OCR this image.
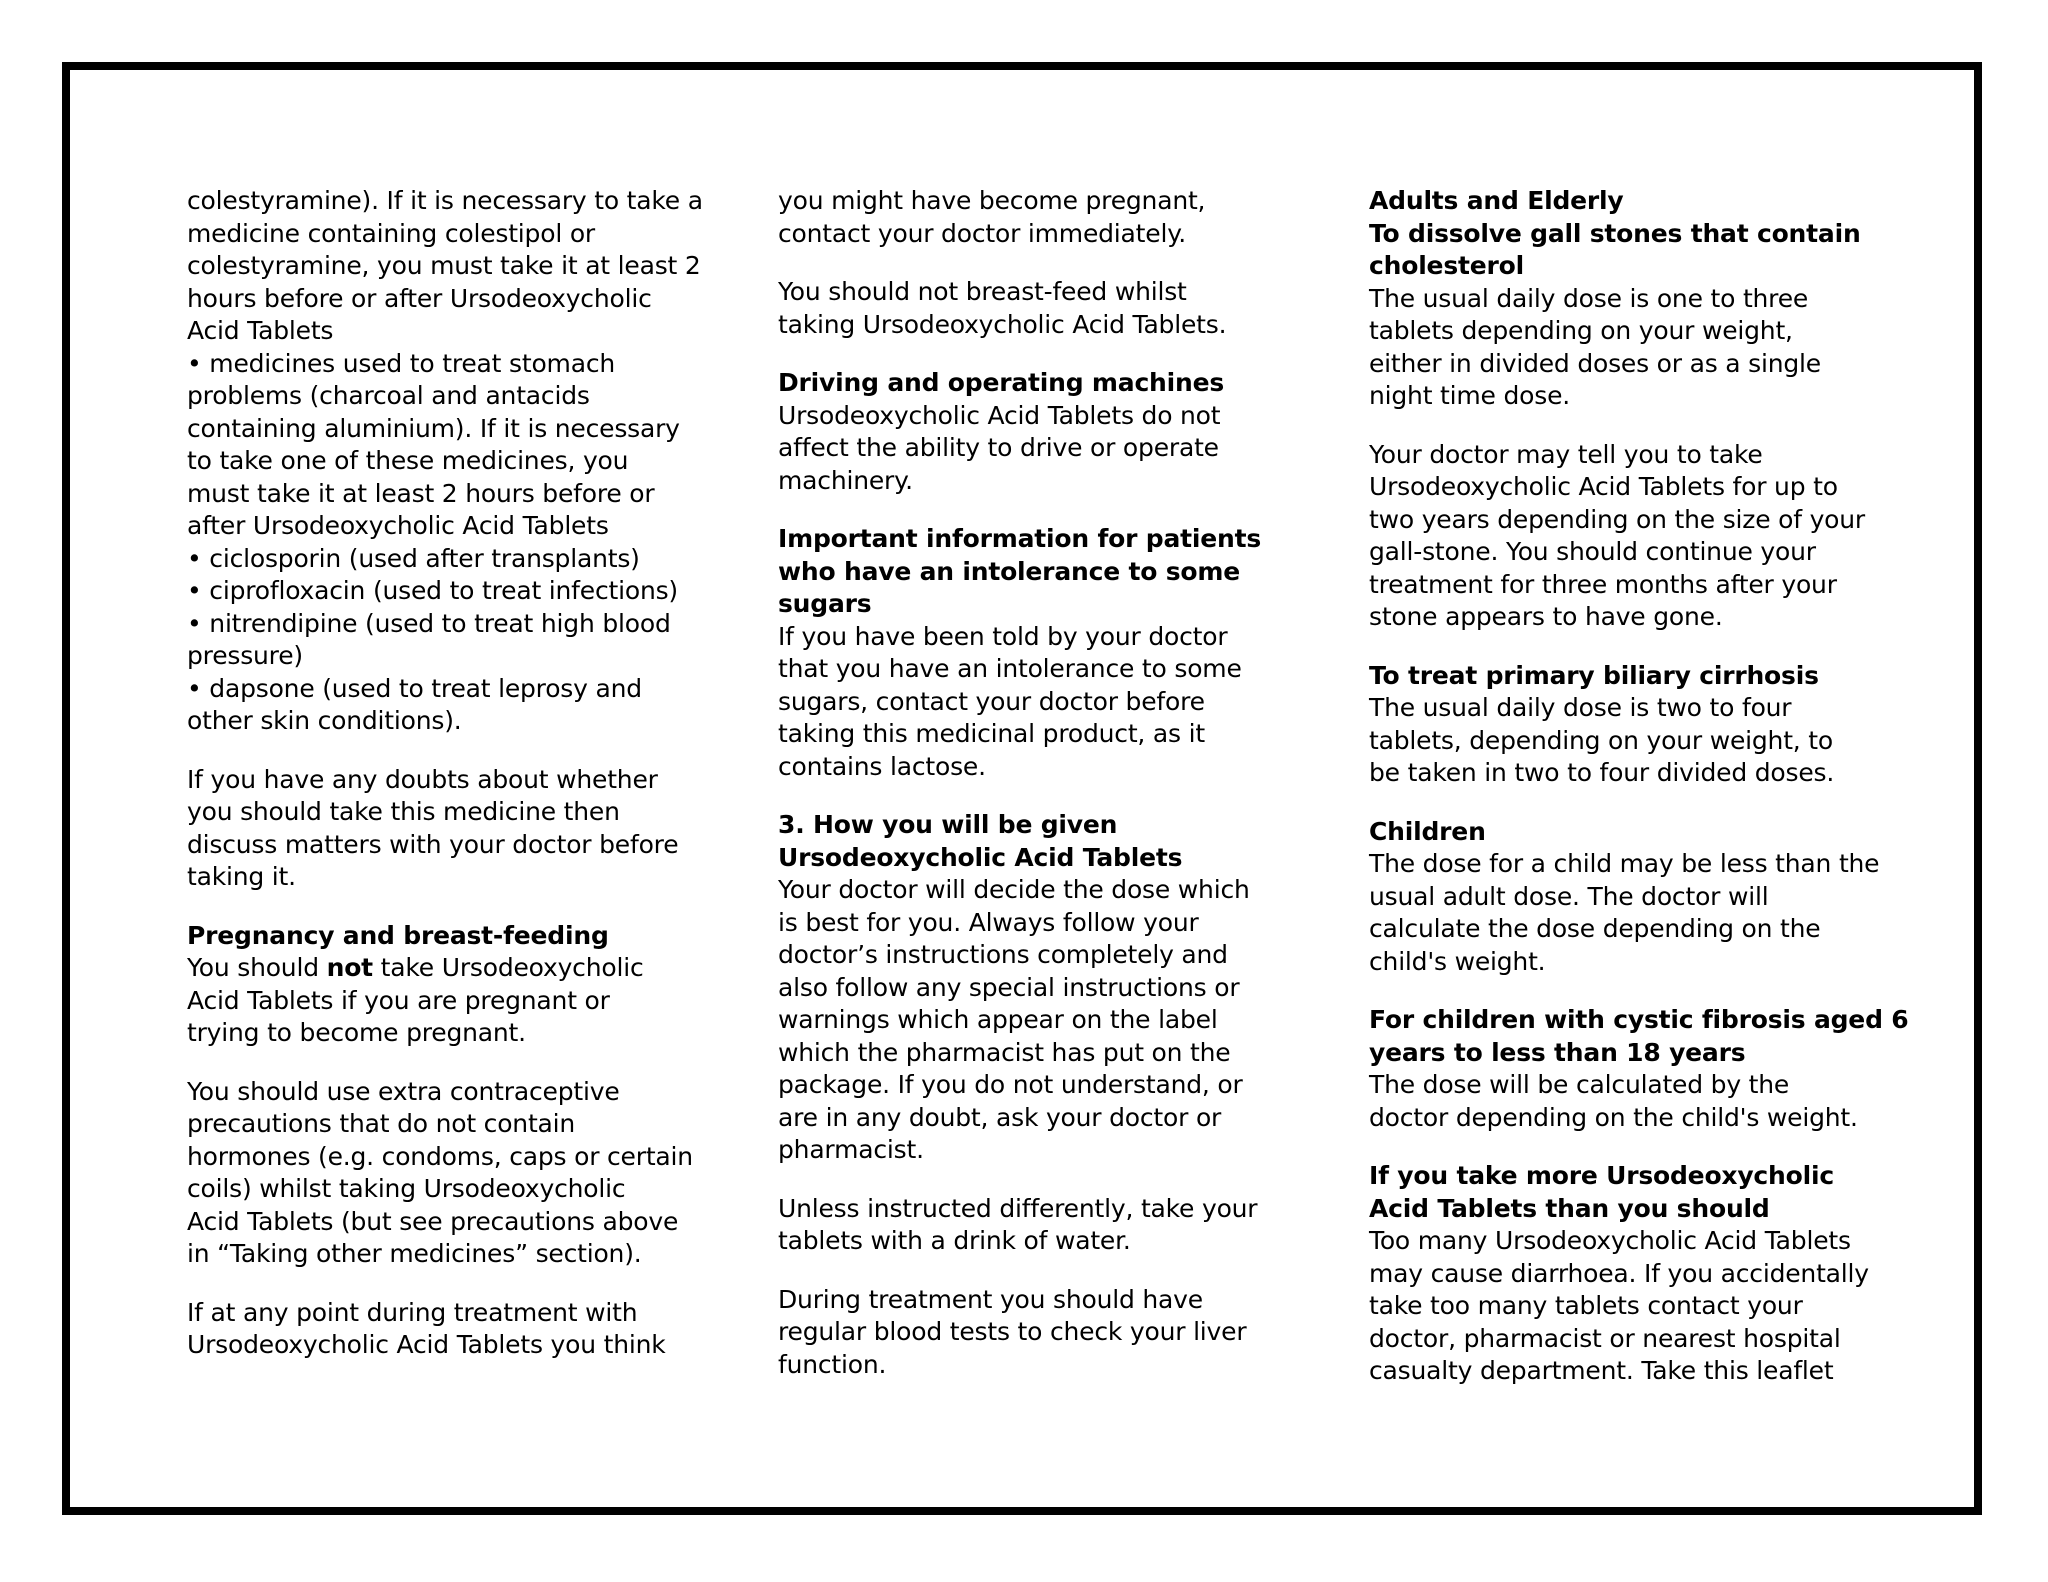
colestyramine). If it is necessary to take a
medicine containing colestipol or
colestyramine, you must take it at least 2
hours before or after Ursodeoxycholic
Acid Tablets
• medicines used to treat stomach
problems (charcoal and antacids
containing aluminium). If it is necessary
to take one of these medicines, you
must take it at least 2 hours before or
after Ursodeoxycholic Acid Tablets
• ciclosporin (used after transplants)
• ciprofloxacin (used to treat infections)
• nitrendipine (used to treat high blood
pressure)
• dapsone (used to treat leprosy and
other skin conditions).

If you have any doubts about whether
you should take this medicine then
discuss matters with your doctor before
taking it.

Pregnancy and breast-feeding

You should not take Ursodeoxycholic
Acid Tablets if you are pregnant or
trying to become pregnant.

You should use extra contraceptive
precautions that do not contain
hormones (e.g. condoms, caps or certain
coils) whilst taking Ursodeoxycholic
Acid Tablets (but see precautions above
in “Taking other medicines” section).

If at any point during treatment with
Ursodeoxycholic Acid Tablets you think

you might have become pregnant,
contact your doctor immediately.

You should not breast-feed whilst
taking Ursodeoxycholic Acid Tablets.

Driving and operating machines

Ursodeoxycholic Acid Tablets do not
affect the ability to drive or operate
machinery.

Important information for patients
who have an intolerance to some
sugars

If you have been told by your doctor
that you have an intolerance to some
sugars, contact your doctor before
taking this medicinal product, as it
contains lactose.

3. How you will be given
Ursodeoxycholic Acid Tablets

Your doctor will decide the dose which
is best for you. Always follow your
doctor’s instructions completely and
also follow any special instructions or
warnings which appear on the label
which the pharmacist has put on the
package. If you do not understand, or
are in any doubt, ask your doctor or
pharmacist.

Unless instructed differently, take your
tablets with a drink of water.

During treatment you should have
regular blood tests to check your liver
function.

Adults and Elderly
To dissolve gall stones that contain
cholesterol

The usual daily dose is one to three
tablets depending on your weight,
either in divided doses or as a single
night time dose.

Your doctor may tell you to take
Ursodeoxycholic Acid Tablets for up to
two years depending on the size of your
gall-stone. You should continue your
treatment for three months after your
stone appears to have gone.

To treat primary biliary cirrhosis

The usual daily dose is two to four
tablets, depending on your weight, to
be taken in two to four divided doses.

Children

The dose for a child may be less than the
usual adult dose. The doctor will
calculate the dose depending on the
child's weight.

For children with cystic fibrosis aged 6
years to less than 18 years

The dose will be calculated by the
doctor depending on the child's weight.

If you take more Ursodeoxycholic
Acid Tablets than you should

Too many Ursodeoxycholic Acid Tablets
may cause diarrhoea. If you accidentally
take too many tablets contact your
doctor, pharmacist or nearest hospital
casualty department. Take this leaflet
